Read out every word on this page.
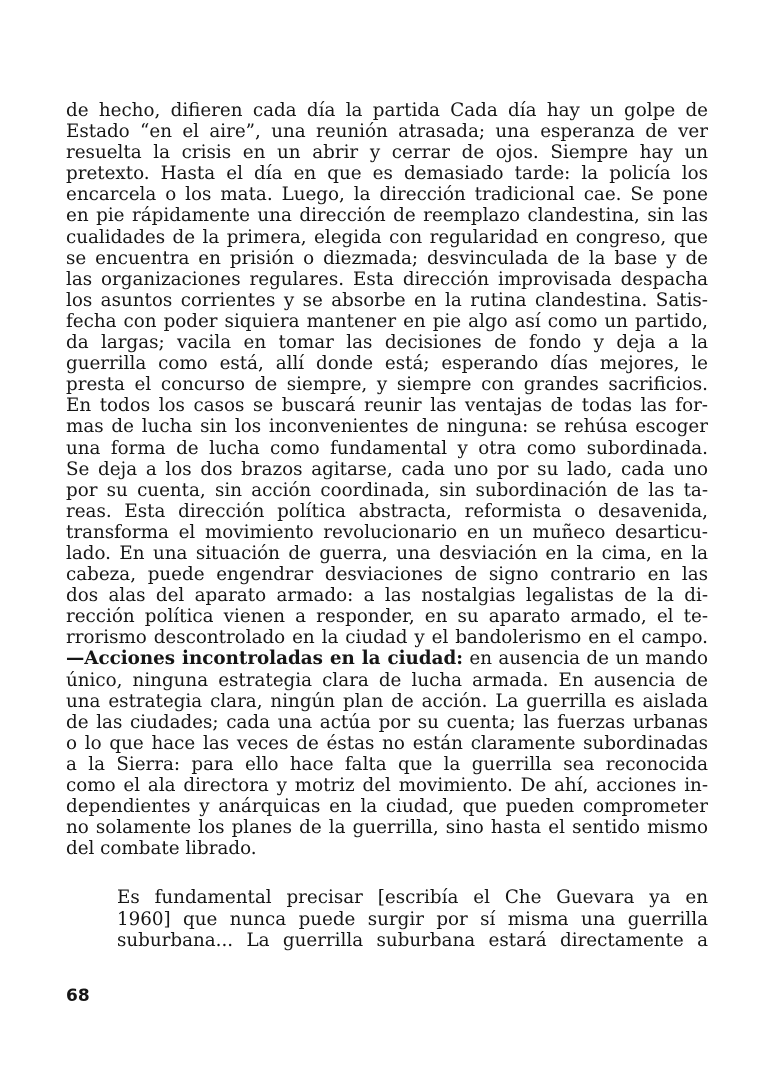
de hecho, difieren cada día la partida Cada día hay un golpe de
Estado “en el aire”, una reunión atrasada; una esperanza de ver
resuelta la crisis en un abrir y cerrar de ojos. Siempre hay un
pretexto. Hasta el día en que es demasiado tarde: la policía los
encarcela o los mata. Luego, la dirección tradicional cae. Se pone
en pie rápidamente una dirección de reemplazo clandestina, sin las
cualidades de la primera, elegida con regularidad en congreso, que
se encuentra en prisión o diezmada; desvinculada de la base y de
las organizaciones regulares. Esta dirección improvisada despacha
los asuntos corrientes y se absorbe en la rutina clandestina. Satis-
fecha con poder siquiera mantener en pie algo así como un partido,
da largas; vacila en tomar las decisiones de fondo y deja a la
guerrilla como está, allí donde está; esperando días mejores, le
presta el concurso de siempre, y siempre con grandes sacrificios.
En todos los casos se buscará reunir las ventajas de todas las for-
mas de lucha sin los inconvenientes de ninguna: se rehúsa escoger
una forma de lucha como fundamental y otra como subordinada.
Se deja a los dos brazos agitarse, cada uno por su lado, cada uno
por su cuenta, sin acción coordinada, sin subordinación de las ta-
reas. Esta dirección política abstracta, reformista o desavenida,
transforma el movimiento revolucionario en un muñeco desarticu-
lado. En una situación de guerra, una desviación en la cima, en la
cabeza, puede engendrar desviaciones de signo contrario en las
dos alas del aparato armado: a las nostalgias legalistas de la di-
rección política vienen a responder, en su aparato armado, el te-
rrorismo descontrolado en la ciudad y el bandolerismo en el campo.
—Acciones incontroladas en la ciudad: en ausencia de un mando
único, ninguna estrategia clara de lucha armada. En ausencia de
una estrategia clara, ningún plan de acción. La guerrilla es aislada
de las ciudades; cada una actúa por su cuenta; las fuerzas urbanas
o lo que hace las veces de éstas no están claramente subordinadas
a la Sierra: para ello hace falta que la guerrilla sea reconocida
como el ala directora y motriz del movimiento. De ahí, acciones in-
dependientes y anárquicas en la ciudad, que pueden comprometer
no solamente los planes de la guerrilla, sino hasta el sentido mismo
del combate librado.
Es fundamental precisar [escribía el Che Guevara ya en
1960] que nunca puede surgir por sí misma una guerrilla
suburbana... La guerrilla suburbana estará directamente a
68
